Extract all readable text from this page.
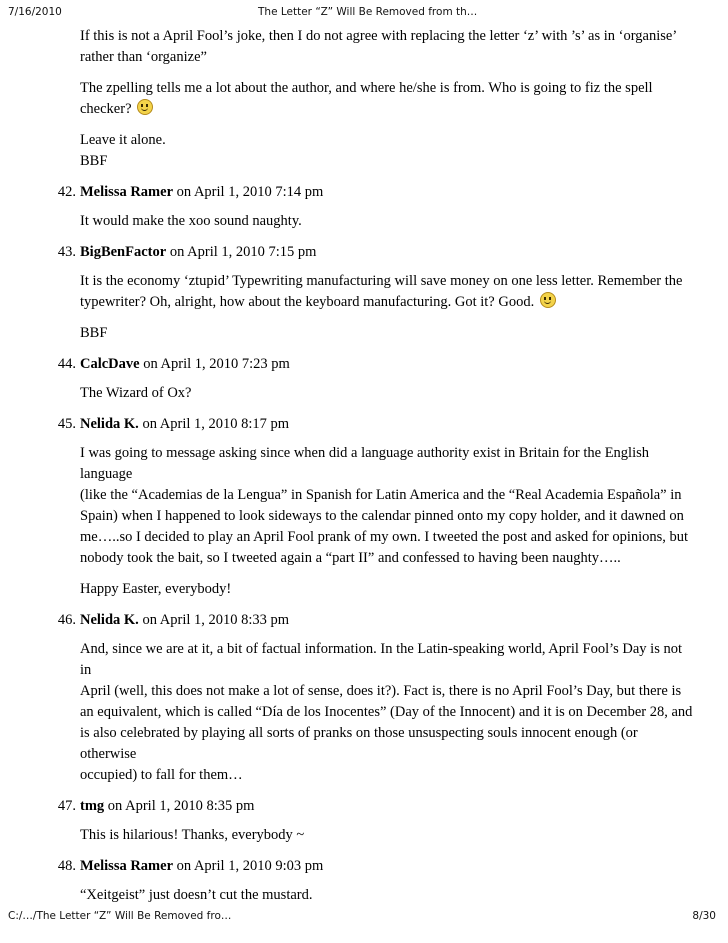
7/16/2010	The Letter “Z” Will Be Removed from th…
If this is not a April Fool’s joke, then I do not agree with replacing the letter ‘z’ with ’s’ as in ‘organise’
rather than ‘organize”
The zpelling tells me a lot about the author, and where he/she is from. Who is going to fiz the spell
checker?
Leave it alone.
BBF
42. Melissa Ramer on April 1, 2010 7:14 pm
It would make the xoo sound naughty.
43. BigBenFactor on April 1, 2010 7:15 pm
It is the economy ‘ztupid’ Typewriting manufacturing will save money on one less letter. Remember the
typewriter? Oh, alright, how about the keyboard manufacturing. Got it? Good.
BBF
44. CalcDave on April 1, 2010 7:23 pm
The Wizard of Ox?
45. Nelida K. on April 1, 2010 8:17 pm
I was going to message asking since when did a language authority exist in Britain for the English language
(like the “Academias de la Lengua” in Spanish for Latin America and the “Real Academia Española” in
Spain) when I happened to look sideways to the calendar pinned onto my copy holder, and it dawned on
me…..so I decided to play an April Fool prank of my own. I tweeted the post and asked for opinions, but
nobody took the bait, so I tweeted again a “part II” and confessed to having been naughty…..
Happy Easter, everybody!
46. Nelida K. on April 1, 2010 8:33 pm
And, since we are at it, a bit of factual information. In the Latin-speaking world, April Fool’s Day is not in
April (well, this does not make a lot of sense, does it?). Fact is, there is no April Fool’s Day, but there is
an equivalent, which is called “Día de los Inocentes” (Day of the Innocent) and it is on December 28, and
is also celebrated by playing all sorts of pranks on those unsuspecting souls innocent enough (or otherwise
occupied) to fall for them…
47. tmg on April 1, 2010 8:35 pm
This is hilarious! Thanks, everybody ~
48. Melissa Ramer on April 1, 2010 9:03 pm
“Xeitgeist” just doesn’t cut the mustard.
C:/…/The Letter “Z” Will Be Removed fro…	8/30
